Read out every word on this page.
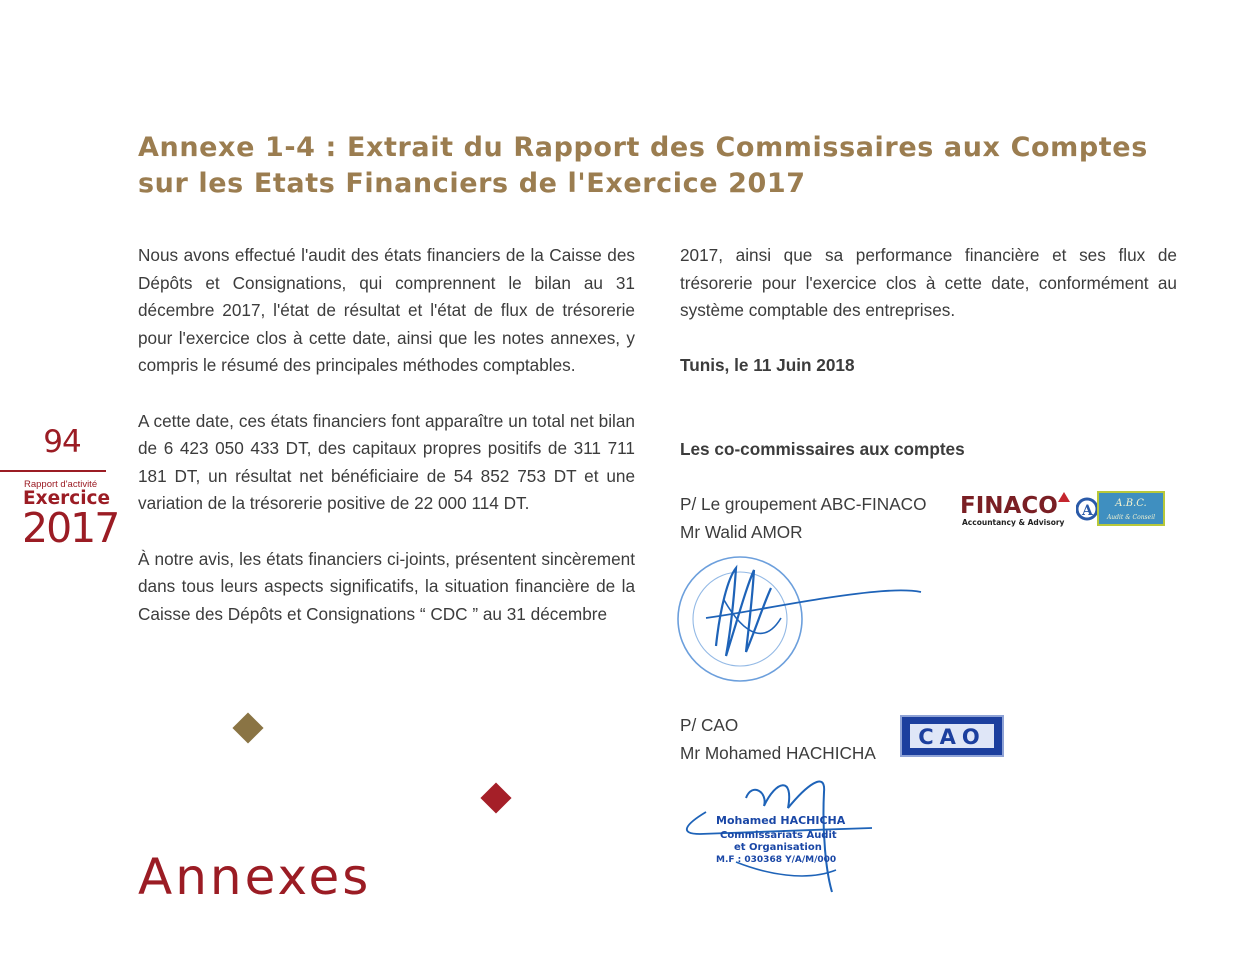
Annexe 1-4 : Extrait du Rapport des Commissaires aux Comptes sur les Etats Financiers de l'Exercice 2017
94
Rapport d'activité
Exercice
2017

Nous avons effectué l'audit des états financiers de la Caisse des Dépôts et Consignations, qui comprennent le bilan au 31 décembre 2017, l'état de résultat et l'état de flux de trésorerie pour l'exercice clos à cette date, ainsi que les notes annexes, y compris le résumé des principales méthodes comptables.

A cette date, ces états financiers font apparaître un total net bilan de 6 423 050 433 DT, des capitaux propres positifs de 311 711 181 DT, un résultat net bénéficiaire de 54 852 753 DT et une variation de la trésorerie positive de 22 000 114 DT.

À notre avis, les états financiers ci-joints, présentent sincèrement dans tous leurs aspects significatifs, la situation financière de la Caisse des Dépôts et Consignations “ CDC ” au 31 décembre

2017, ainsi que sa performance financière et ses flux de trésorerie pour l'exercice clos à cette date, conformément au système comptable des entreprises.

Tunis, le 11 Juin 2018
Les co-commissaires aux comptes
P/ Le groupement ABC-FINACO
Mr Walid AMOR
P/ CAO
Mr Mohamed HACHICHA
FINACO
Accountancy & Advisory
A A.B.C.
Audit & Conseil
CAO
Mohamed HACHICHA
Commissariats Audit
et Organisation
M.F : 030368 Y/A/M/000
Annexes
